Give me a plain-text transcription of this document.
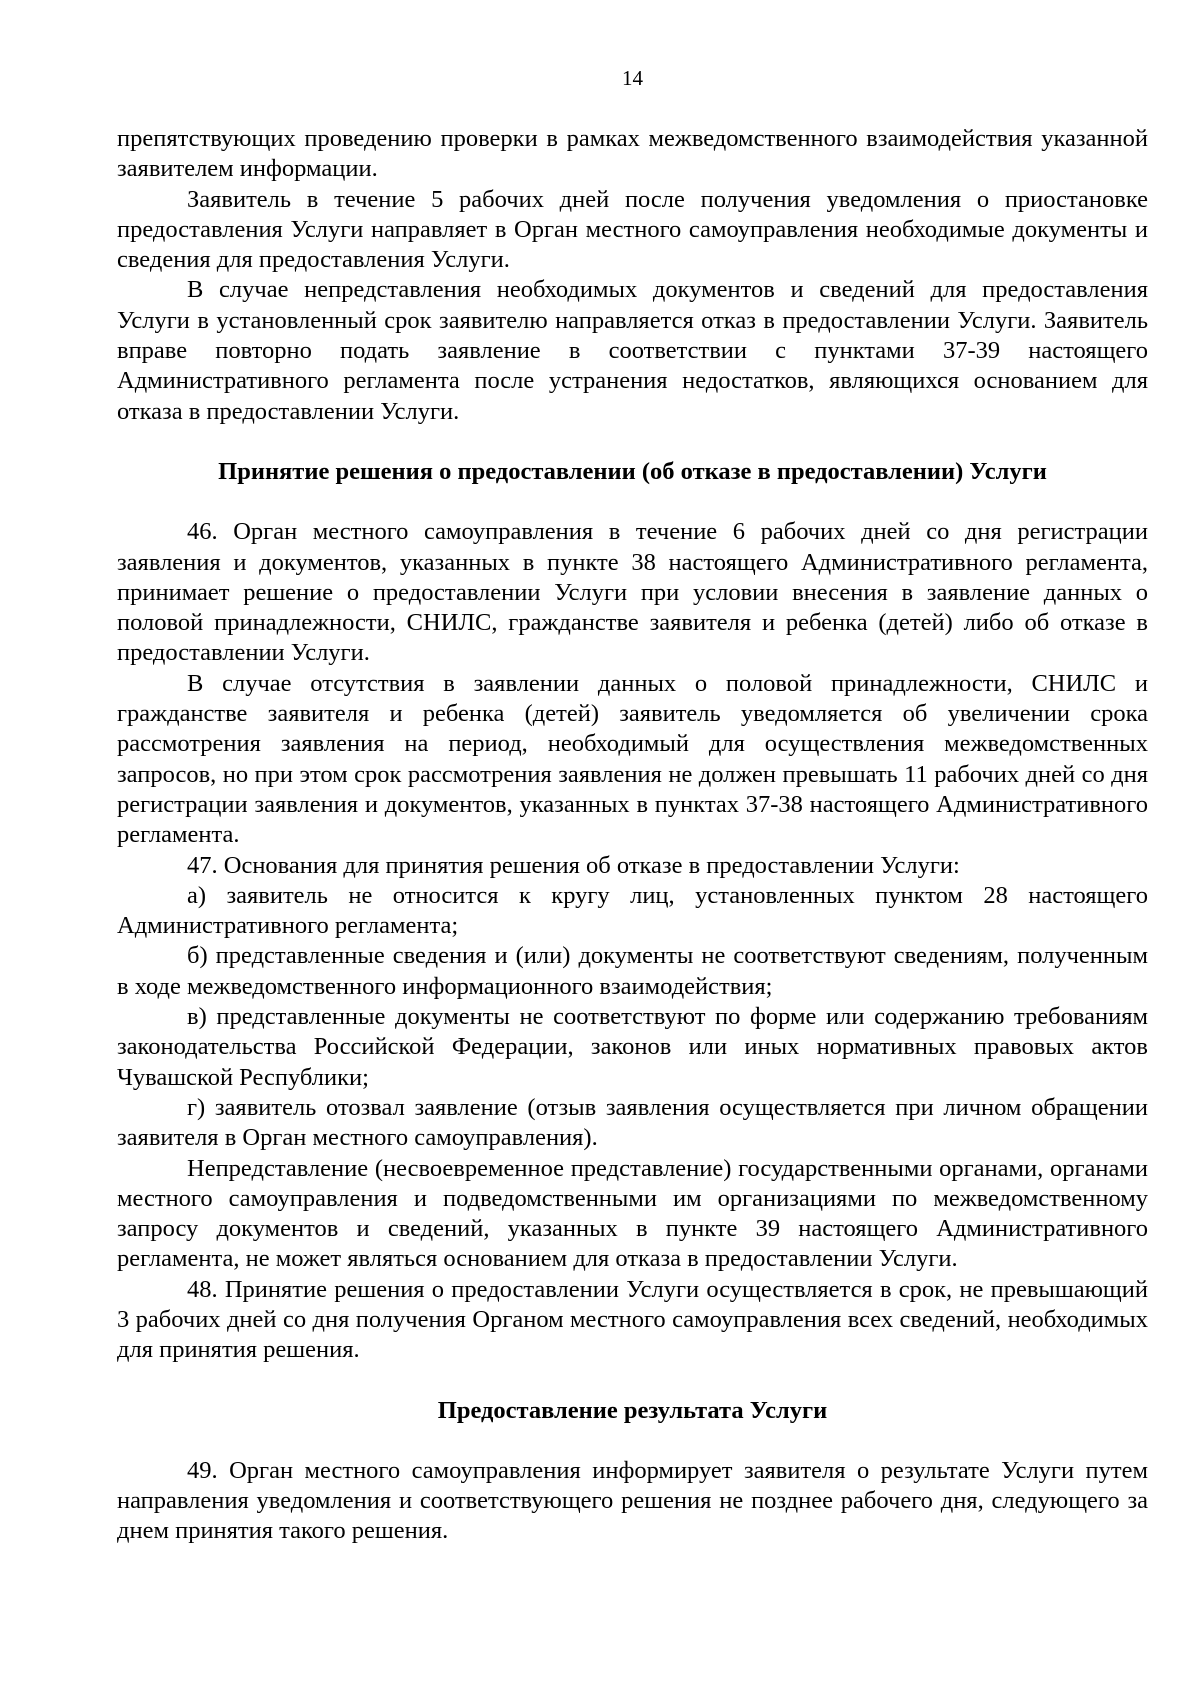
14

препятствующих проведению проверки в рамках межведомственного взаимодействия указанной заявителем информации.

Заявитель в течение 5 рабочих дней после получения уведомления о приостановке предоставления Услуги направляет в Орган местного самоуправления необходимые документы и сведения для предоставления Услуги.

В случае непредставления необходимых документов и сведений для предоставления Услуги в установленный срок заявителю направляется отказ в предоставлении Услуги. Заявитель вправе повторно подать заявление в соответствии с пунктами 37-39 настоящего Административного регламента после устранения недостатков, являющихся основанием для отказа в предоставлении Услуги.

Принятие решения о предоставлении (об отказе в предоставлении) Услуги

46. Орган местного самоуправления в течение 6 рабочих дней со дня регистрации заявления и документов, указанных в пункте 38 настоящего Административного регламента, принимает решение о предоставлении Услуги при условии внесения в заявление данных о половой принадлежности, СНИЛС, гражданстве заявителя и ребенка (детей) либо об отказе в предоставлении Услуги.

В случае отсутствия в заявлении данных о половой принадлежности, СНИЛС и гражданстве заявителя и ребенка (детей) заявитель уведомляется об увеличении срока рассмотрения заявления на период, необходимый для осуществления межведомственных запросов, но при этом срок рассмотрения заявления не должен превышать 11 рабочих дней со дня регистрации заявления и документов, указанных в пунктах 37-38 настоящего Административного регламента.

47. Основания для принятия решения об отказе в предоставлении Услуги:

а) заявитель не относится к кругу лиц, установленных пунктом 28 настоящего Административного регламента;

б) представленные сведения и (или) документы не соответствуют сведениям, полученным в ходе межведомственного информационного взаимодействия;

в) представленные документы не соответствуют по форме или содержанию требованиям законодательства Российской Федерации, законов или иных нормативных правовых актов Чувашской Республики;

г) заявитель отозвал заявление (отзыв заявления осуществляется при личном обращении заявителя в Орган местного самоуправления).

Непредставление (несвоевременное представление) государственными органами, органами местного самоуправления и подведомственными им организациями по межведомственному запросу документов и сведений, указанных в пункте 39 настоящего Административного регламента, не может являться основанием для отказа в предоставлении Услуги.

48. Принятие решения о предоставлении Услуги осуществляется в срок, не превышающий 3 рабочих дней со дня получения Органом местного самоуправления всех сведений, необходимых для принятия решения.

Предоставление результата Услуги

49. Орган местного самоуправления информирует заявителя о результате Услуги путем направления уведомления и соответствующего решения не позднее рабочего дня, следующего за днем принятия такого решения.
